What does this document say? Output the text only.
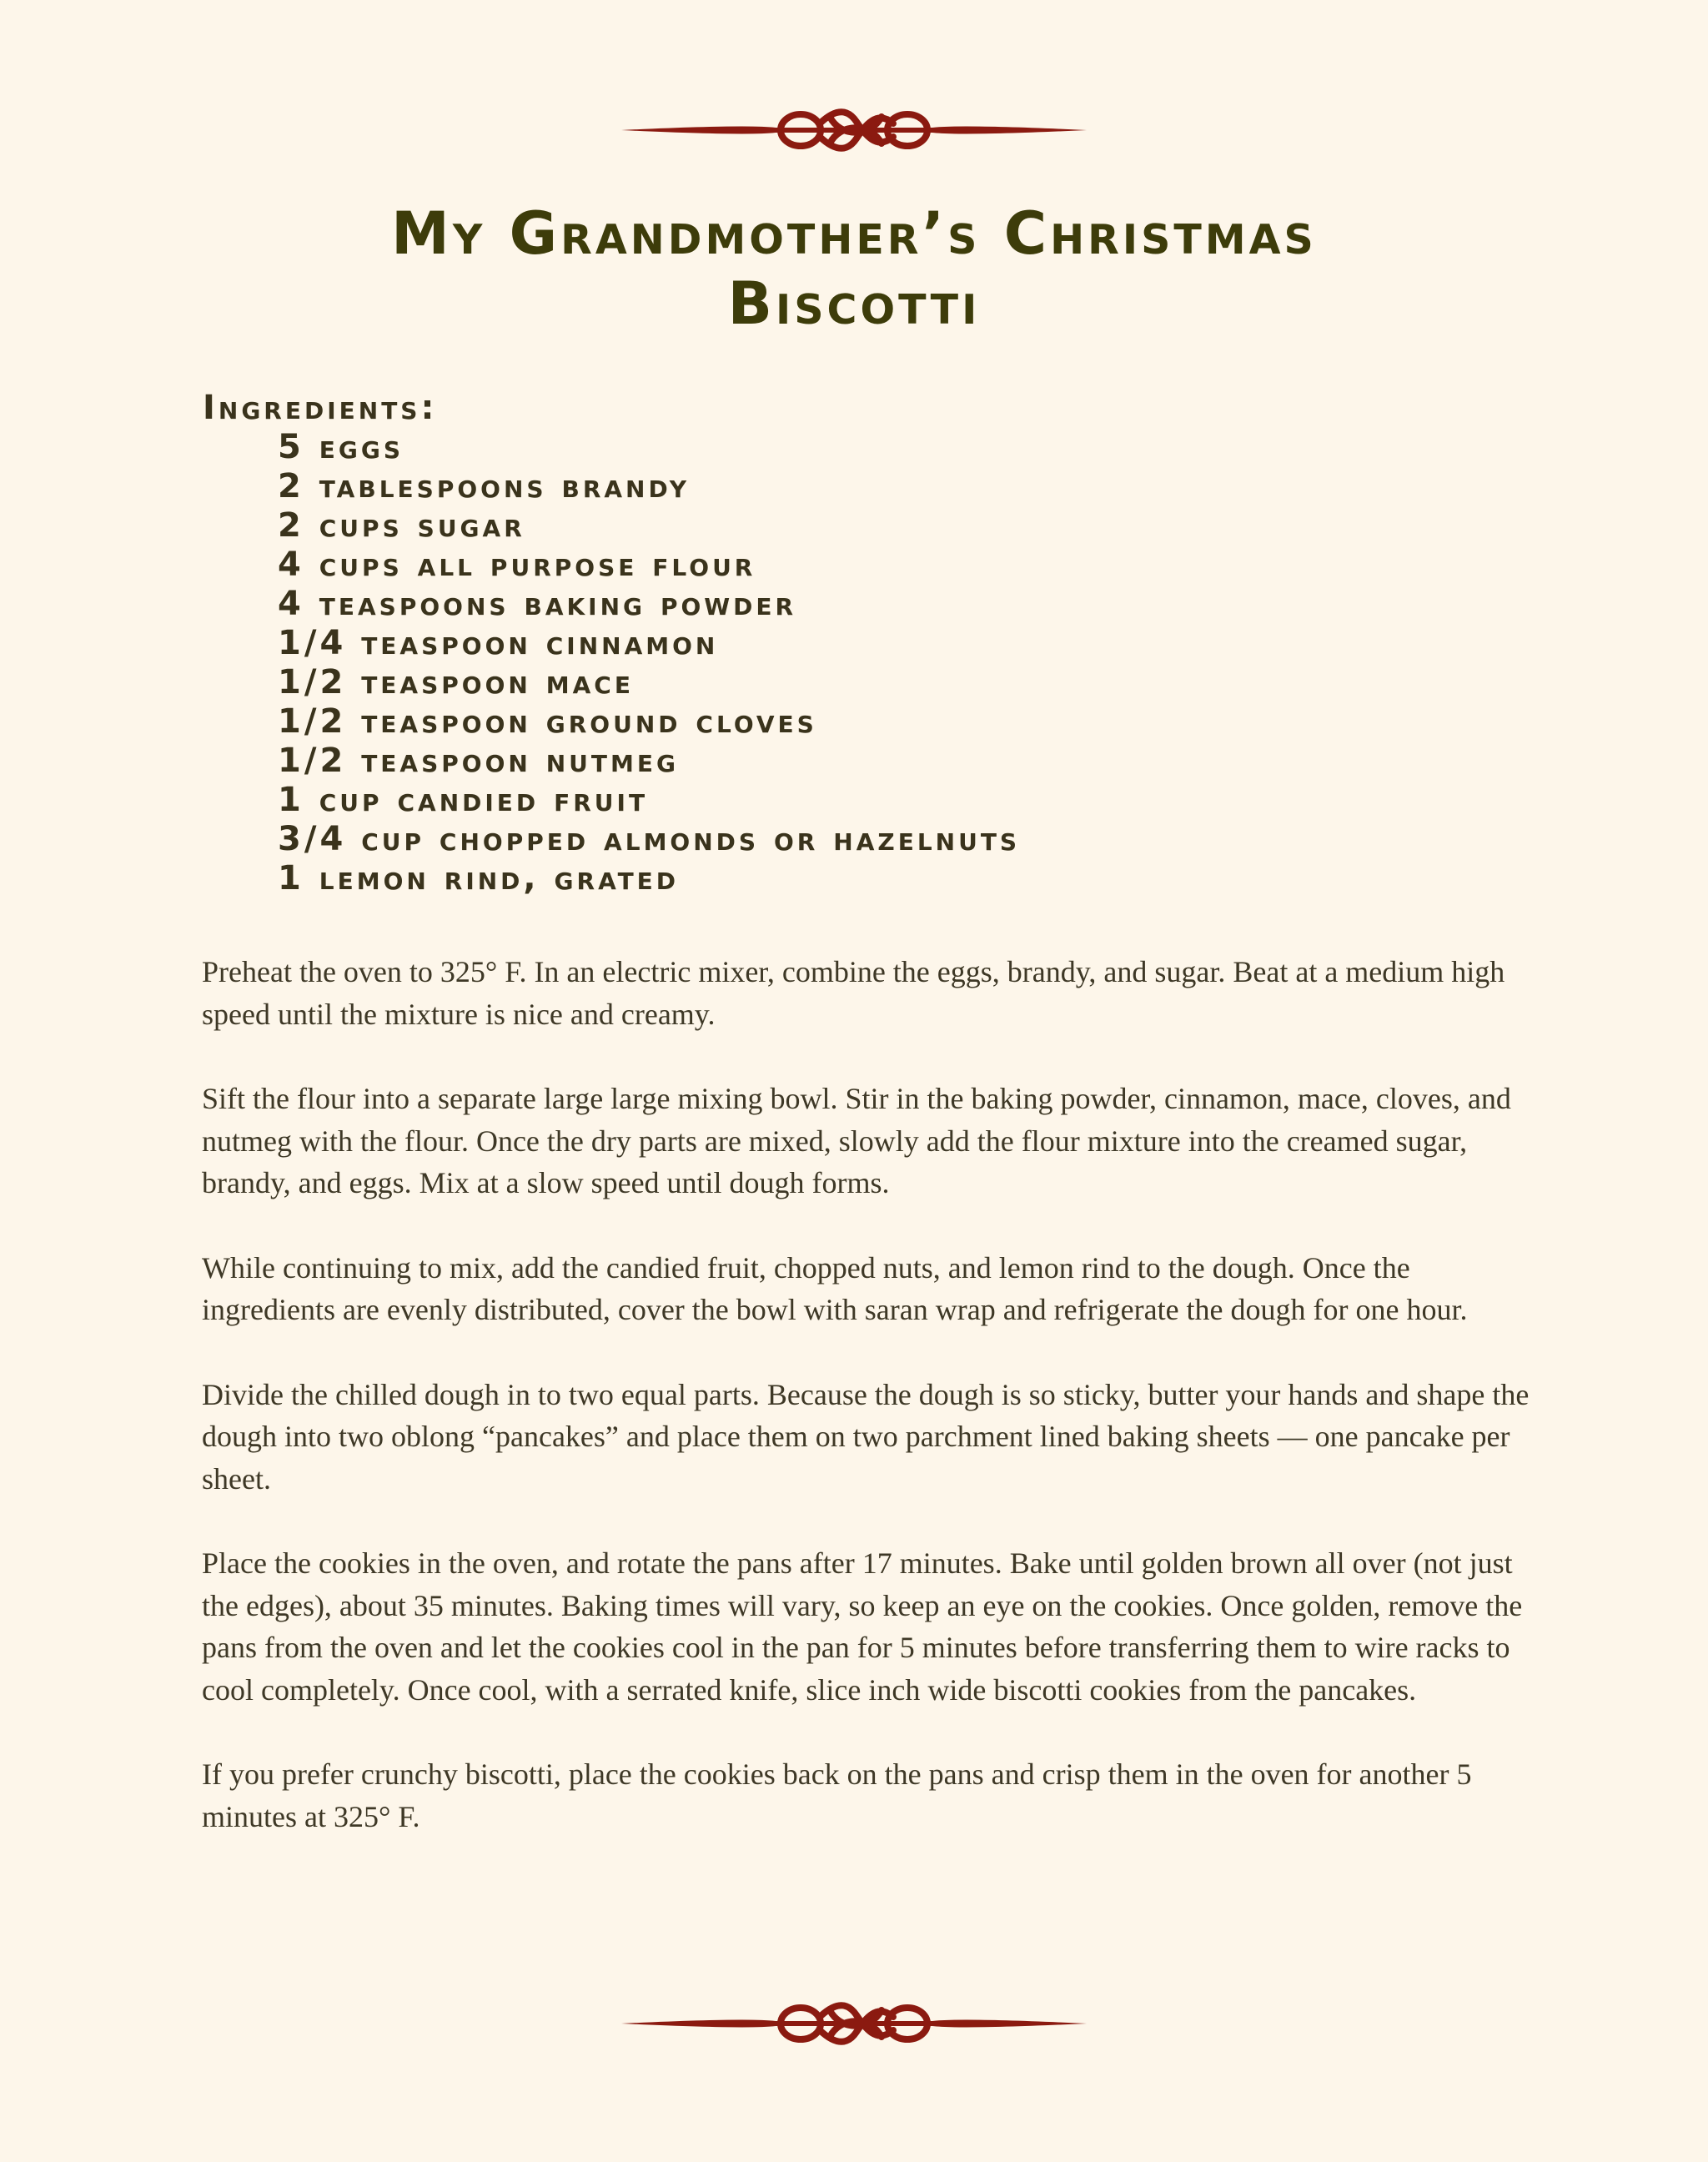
My Grandmother’s Christmas
Biscotti
Ingredients:
5 eggs
2 tablespoons brandy
2 cups sugar
4 cups all purpose flour
4 teaspoons baking powder
1/4 teaspoon cinnamon
1/2 teaspoon mace
1/2 teaspoon ground cloves
1/2 teaspoon nutmeg
1 cup candied fruit
3/4 cup chopped almonds or hazelnuts
1 lemon rind, grated

Preheat the oven to 325° F. In an electric mixer, combine the eggs, brandy, and sugar. Beat at a medium high speed until the mixture is nice and creamy.

Sift the flour into a separate large large mixing bowl. Stir in the baking powder, cinnamon, mace, cloves, and nutmeg with the flour. Once the dry parts are mixed, slowly add the flour mixture into the creamed sugar, brandy, and eggs. Mix at a slow speed until dough forms.

While continuing to mix, add the candied fruit, chopped nuts, and lemon rind to the dough. Once the ingredients are evenly distributed, cover the bowl with saran wrap and refrigerate the dough for one hour.

Divide the chilled dough in to two equal parts. Because the dough is so sticky, butter your hands and shape the dough into two oblong “pancakes” and place them on two parchment lined baking sheets — one pancake per sheet.

Place the cookies in the oven, and rotate the pans after 17 minutes. Bake until golden brown all over (not just the edges), about 35 minutes. Baking times will vary, so keep an eye on the cookies. Once golden, remove the pans from the oven and let the cookies cool in the pan for 5 minutes before transferring them to wire racks to cool completely. Once cool, with a serrated knife, slice inch wide biscotti cookies from the pancakes.

If you prefer crunchy biscotti, place the cookies back on the pans and crisp them in the oven for another 5 minutes at 325° F.
